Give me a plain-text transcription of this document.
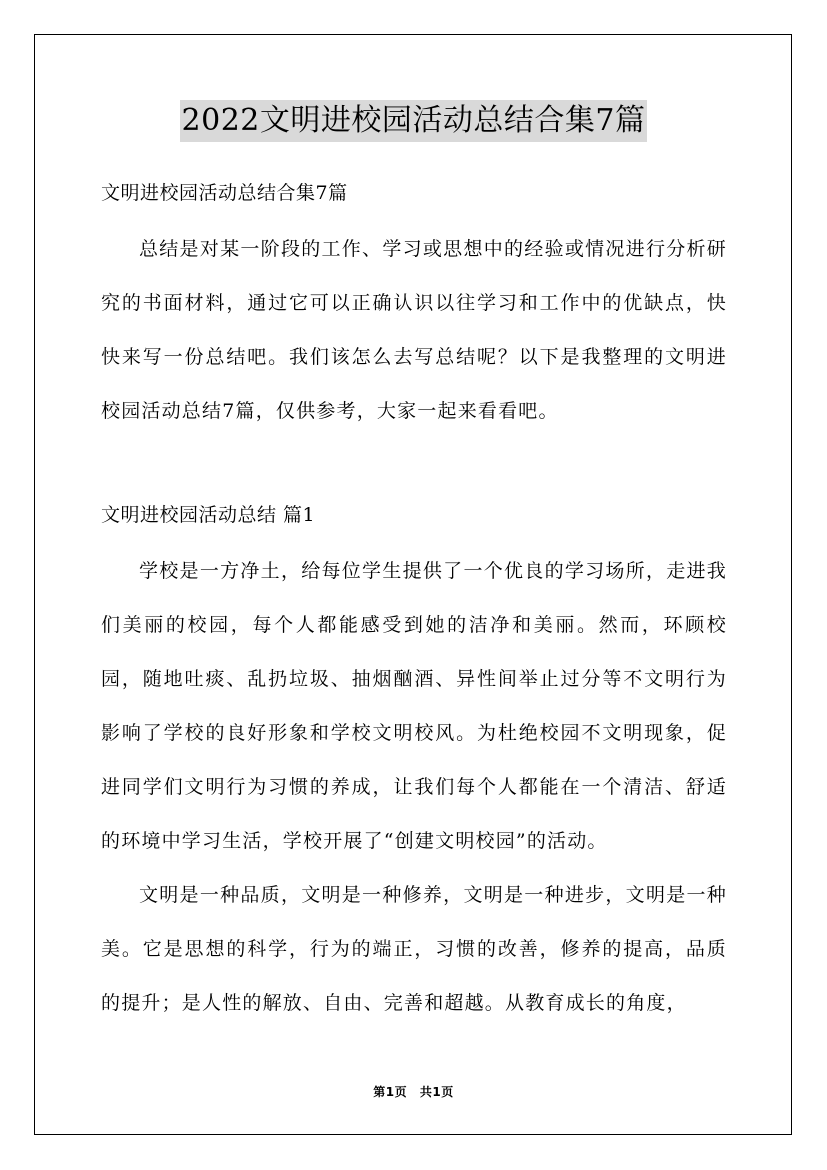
2022文明进校园活动总结合集7篇
文明进校园活动总结合集7篇

总结是对某一阶段的工作、学习或思想中的经验或情况进行分析研究的书面材料，通过它可以正确认识以往学习和工作中的优缺点，快快来写一份总结吧。我们该怎么去写总结呢？以下是我整理的文明进校园活动总结7篇，仅供参考，大家一起来看看吧。

文明进校园活动总结 篇1

学校是一方净土，给每位学生提供了一个优良的学习场所，走进我们美丽的校园，每个人都能感受到她的洁净和美丽。然而，环顾校园，随地吐痰、乱扔垃圾、抽烟酗酒、异性间举止过分等不文明行为影响了学校的良好形象和学校文明校风。为杜绝校园不文明现象，促进同学们文明行为习惯的养成，让我们每个人都能在一个清洁、舒适的环境中学习生活，学校开展了“创建文明校园”的活动。

文明是一种品质，文明是一种修养，文明是一种进步，文明是一种美。它是思想的科学，行为的端正，习惯的改善，修养的提高，品质的提升；是人性的解放、自由、完善和超越。从教育成长的角度，

第1页 共1页
